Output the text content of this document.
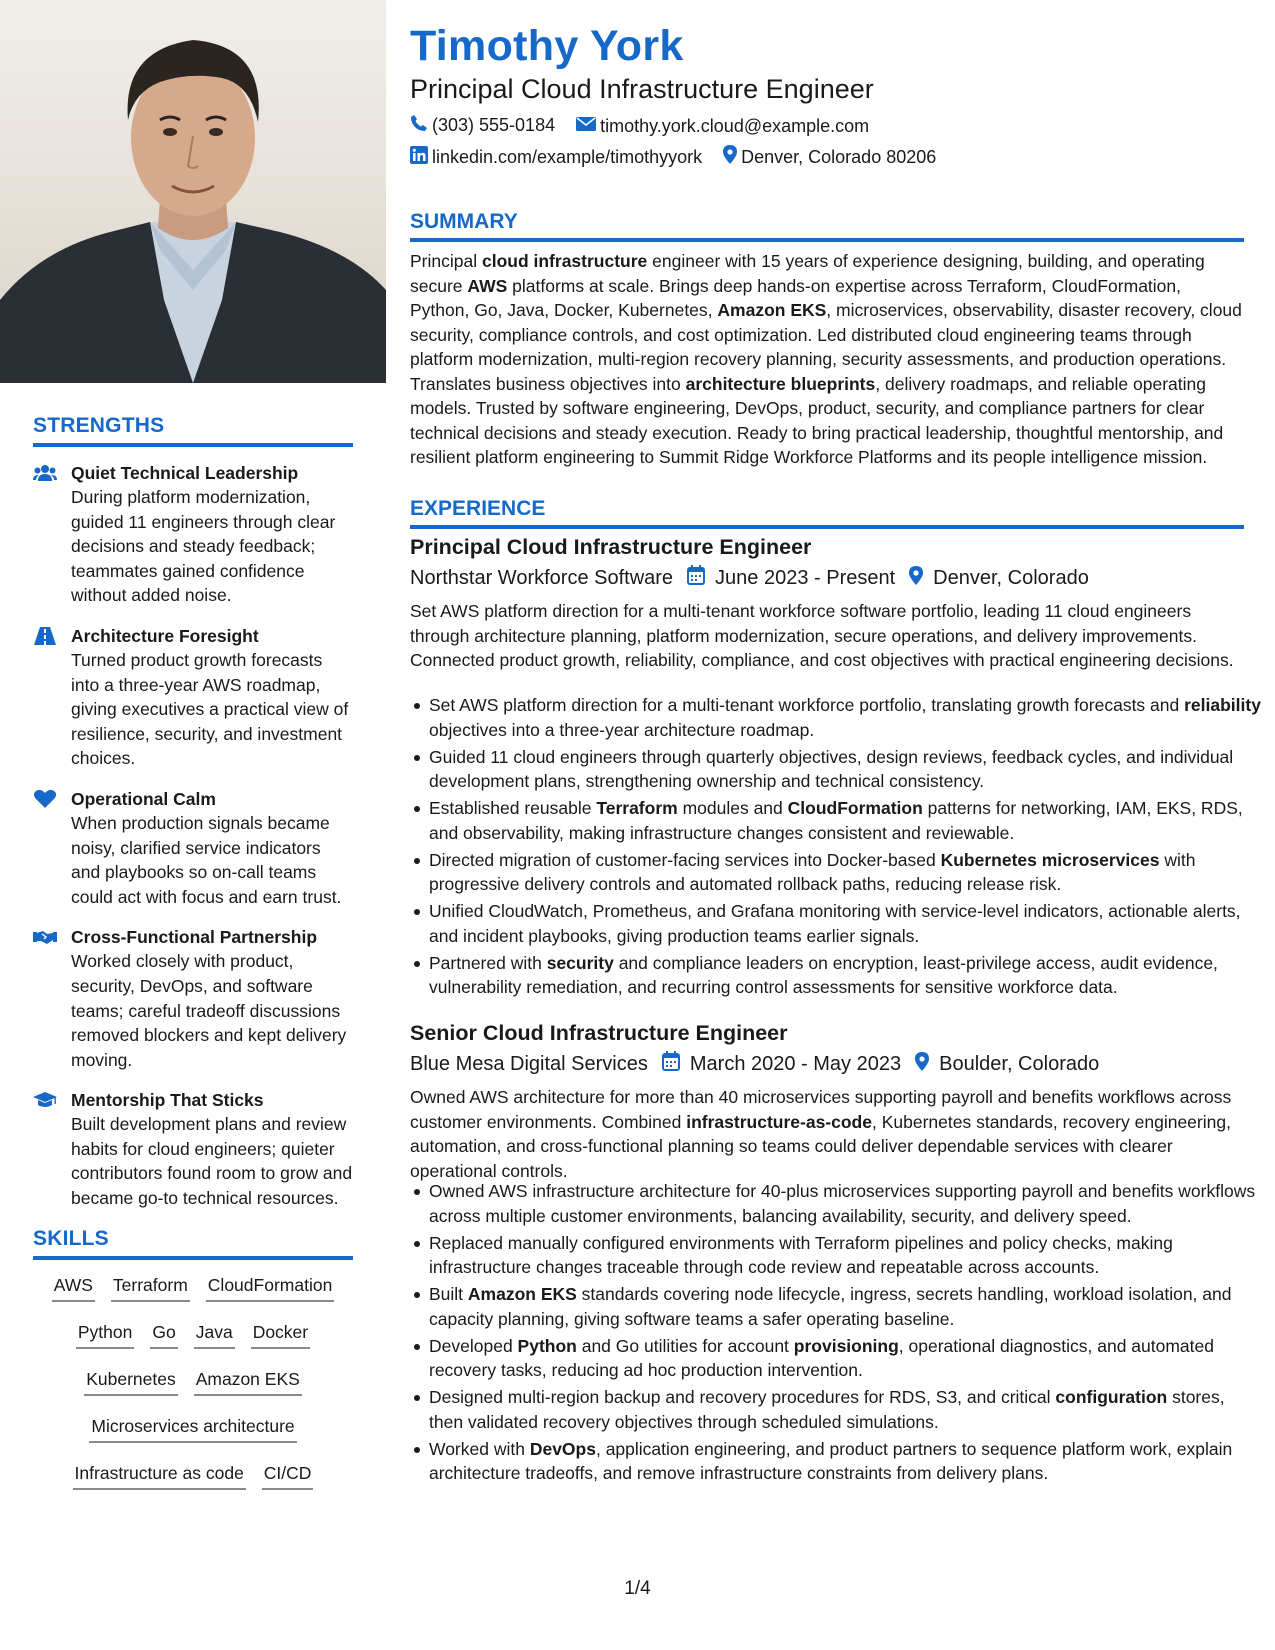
STRENGTHS
Quiet Technical Leadership
During platform modernization, guided 11 engineers through clear decisions and steady feedback; teammates gained confidence without added noise.
Architecture Foresight
Turned product growth forecasts into a three-year AWS roadmap, giving executives a practical view of resilience, security, and investment choices.
Operational Calm
When production signals became noisy, clarified service indicators and playbooks so on-call teams could act with focus and earn trust.
Cross-Functional Partnership
Worked closely with product, security, DevOps, and software teams; careful tradeoff discussions removed blockers and kept delivery moving.
Mentorship That Sticks
Built development plans and review habits for cloud engineers; quieter contributors found room to grow and became go-to technical resources.
SKILLS
AWS Terraform CloudFormation
Python Go Java Docker
Kubernetes Amazon EKS
Microservices architecture
Infrastructure as code CI/CD
Timothy York
Principal Cloud Infrastructure Engineer
(303) 555-0184
	timothy.york.cloud@example.com
linkedin.com/example/timothyyork
Denver, Colorado 80206
SUMMARY
Principal cloud infrastructure engineer with 15 years of experience designing, building, and operating secure AWS platforms at scale. Brings deep hands-on expertise across Terraform, CloudFormation, Python, Go, Java, Docker, Kubernetes, Amazon EKS, microservices, observability, disaster recovery, cloud security, compliance controls, and cost optimization. Led distributed cloud engineering teams through platform modernization, multi-region recovery planning, security assessments, and production operations. Translates business objectives into architecture blueprints, delivery roadmaps, and reliable operating models. Trusted by software engineering, DevOps, product, security, and compliance partners for clear technical decisions and steady execution. Ready to bring practical leadership, thoughtful mentorship, and resilient platform engineering to Summit Ridge Workforce Platforms and its people intelligence mission.
EXPERIENCE
Principal Cloud Infrastructure Engineer
Northstar Workforce Software June 2023 - Present Denver, Colorado
Set AWS platform direction for a multi-tenant workforce software portfolio, leading 11 cloud engineers through architecture planning, platform modernization, secure operations, and delivery improvements. Connected product growth, reliability, compliance, and cost objectives with practical engineering decisions.
Set AWS platform direction for a multi-tenant workforce portfolio, translating growth forecasts and reliability objectives into a three-year architecture roadmap.
Guided 11 cloud engineers through quarterly objectives, design reviews, feedback cycles, and individual development plans, strengthening ownership and technical consistency.
Established reusable Terraform modules and CloudFormation patterns for networking, IAM, EKS, RDS, and observability, making infrastructure changes consistent and reviewable.
Directed migration of customer-facing services into Docker-based Kubernetes microservices with progressive delivery controls and automated rollback paths, reducing release risk.
Unified CloudWatch, Prometheus, and Grafana monitoring with service-level indicators, actionable alerts, and incident playbooks, giving production teams earlier signals.
Partnered with security and compliance leaders on encryption, least-privilege access, audit evidence, vulnerability remediation, and recurring control assessments for sensitive workforce data.
Senior Cloud Infrastructure Engineer
Blue Mesa Digital Services March 2020 - May 2023 Boulder, Colorado
Owned AWS architecture for more than 40 microservices supporting payroll and benefits workflows across customer environments. Combined infrastructure-as-code, Kubernetes standards, recovery engineering, automation, and cross-functional planning so teams could deliver dependable services with clearer operational controls.
Owned AWS infrastructure architecture for 40-plus microservices supporting payroll and benefits workflows across multiple customer environments, balancing availability, security, and delivery speed.
Replaced manually configured environments with Terraform pipelines and policy checks, making infrastructure changes traceable through code review and repeatable across accounts.
Built Amazon EKS standards covering node lifecycle, ingress, secrets handling, workload isolation, and capacity planning, giving software teams a safer operating baseline.
Developed Python and Go utilities for account provisioning, operational diagnostics, and automated recovery tasks, reducing ad hoc production intervention.
Designed multi-region backup and recovery procedures for RDS, S3, and critical configuration stores, then validated recovery objectives through scheduled simulations.
Worked with DevOps, application engineering, and product partners to sequence platform work, explain architecture tradeoffs, and remove infrastructure constraints from delivery plans.
1/4
